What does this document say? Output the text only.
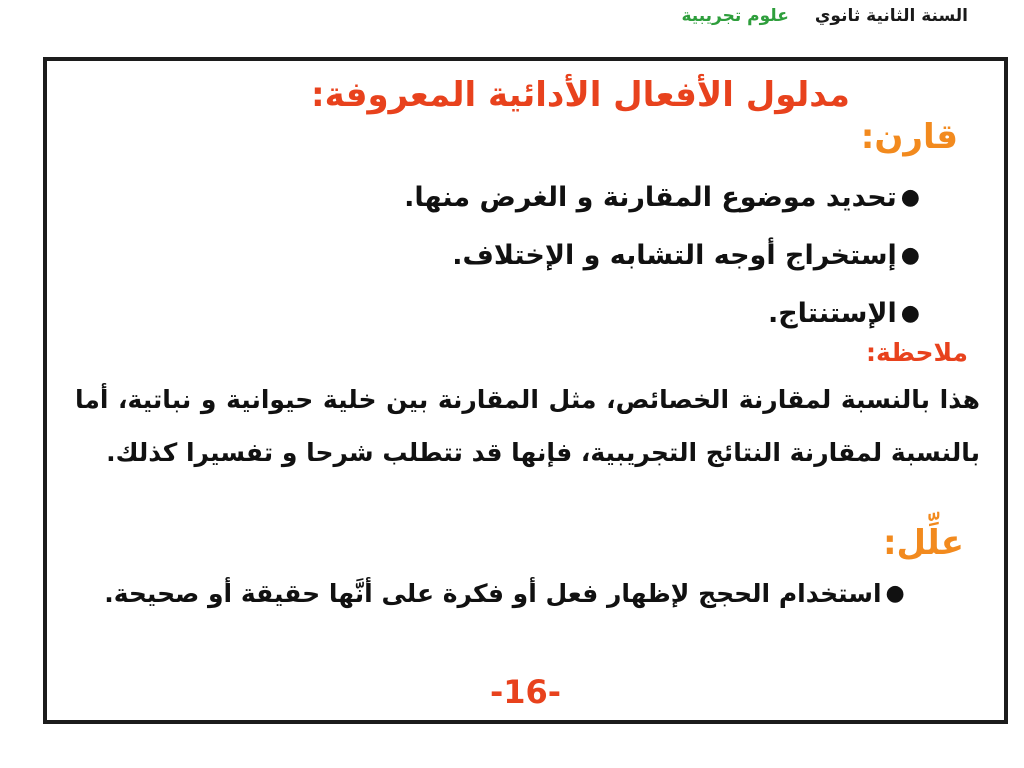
السنة الثانية ثانوي
علوم تجريبية
مدلول الأفعال الأدائية المعروفة:
قارن:
●تحديد موضوع المقارنة و الغرض منها.
●إستخراج أوجه التشابه و الإختلاف.
●الإستنتاج.
ملاحظة:

هذا بالنسبة لمقارنة الخصائص، مثل المقارنة بين خلية حيوانية و نباتية، أما بالنسبة لمقارنة النتائج التجريبية، فإنها قد تتطلب شرحا و تفسيرا كذلك.

علِّل:

●استخدام الحجج لإظهار فعل أو فكرة على أنَّها حقيقة أو صحيحة.

-16-
